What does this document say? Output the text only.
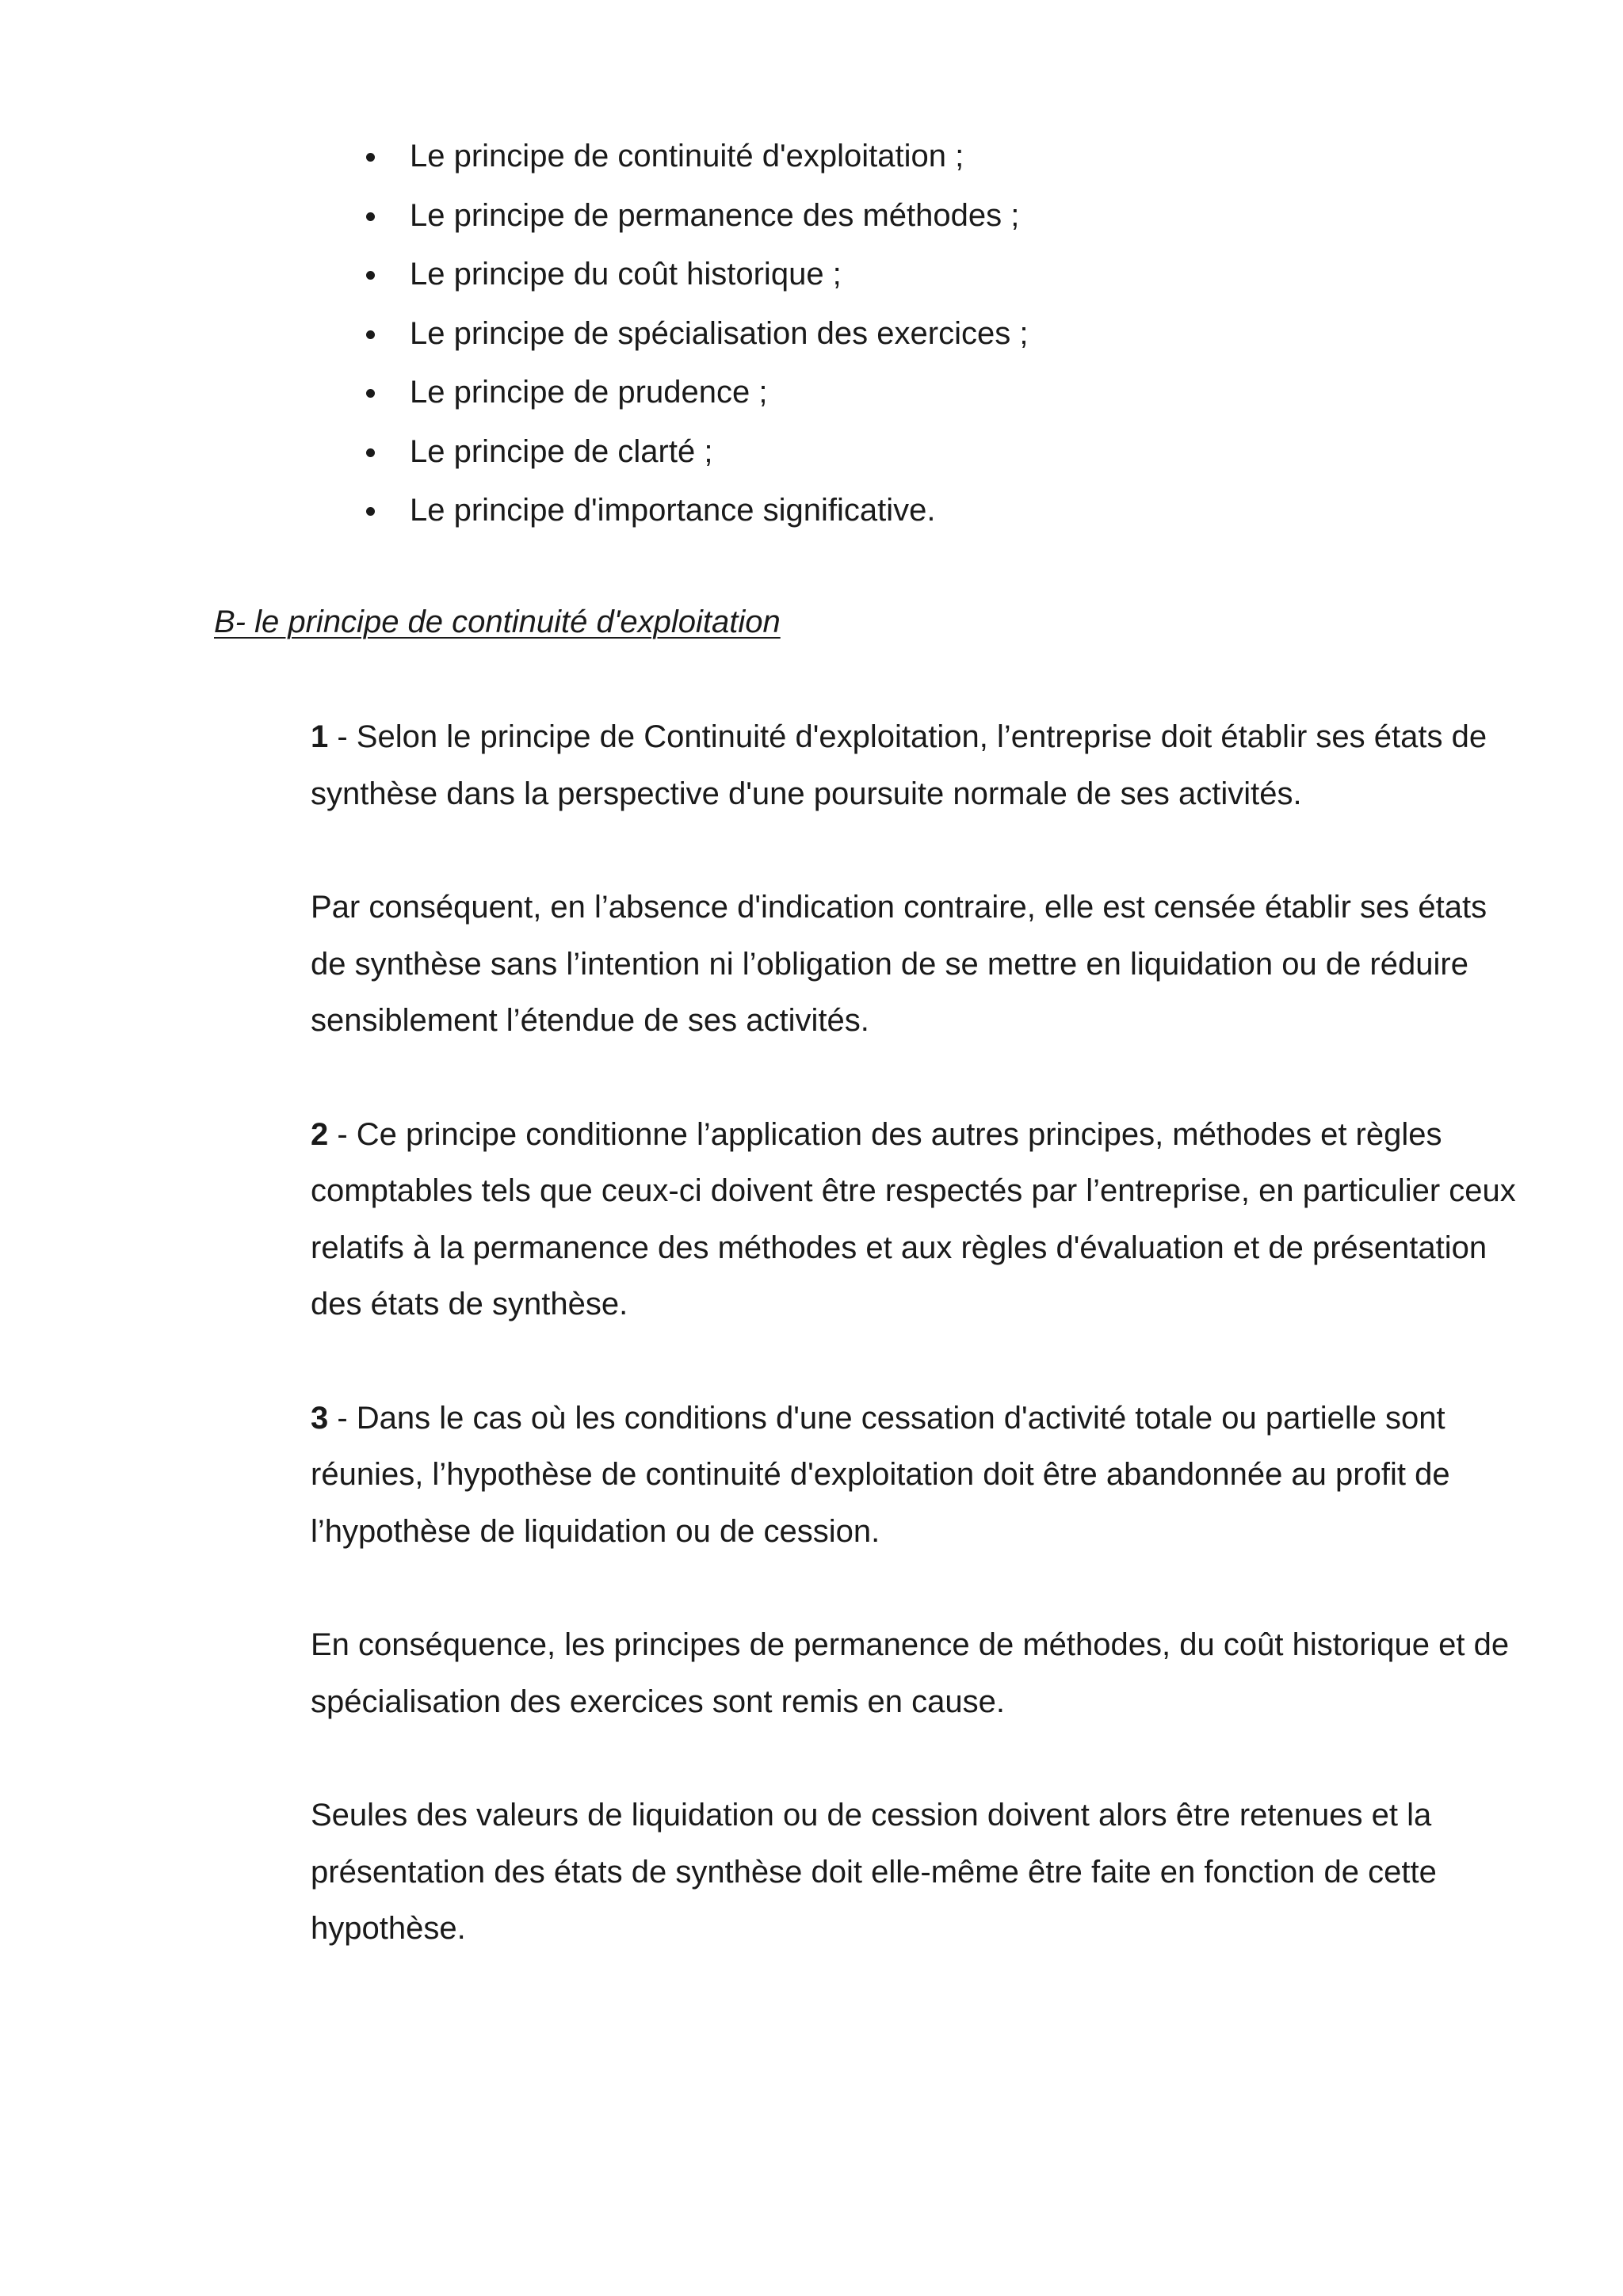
Le principe de continuité d'exploitation ;
Le principe de permanence des méthodes ;
Le principe du coût historique ;
Le principe de spécialisation des exercices ;
Le principe de prudence ;
Le principe de clarté ;
Le principe d'importance significative.
B- le principe de continuité d'exploitation

1 - Selon le principe de Continuité d'exploitation, l’entreprise doit établir ses états de synthèse dans la perspective d'une poursuite normale de ses activités.

Par conséquent, en l’absence d'indication contraire, elle est censée établir ses états de synthèse sans l’intention ni l’obligation de se mettre en liquidation ou de réduire sensiblement l’étendue de ses activités.

2 - Ce principe conditionne l’application des autres principes, méthodes et règles comptables tels que ceux-ci doivent être respectés par l’entreprise, en particulier ceux relatifs à la permanence des méthodes et aux règles d'évaluation et de présentation des états de synthèse.

3 - Dans le cas où les conditions d'une cessation d'activité totale ou partielle sont réunies, l’hypothèse de continuité d'exploitation doit être abandonnée au profit de l’hypothèse de liquidation ou de cession.

En conséquence, les principes de permanence de méthodes, du coût historique et de spécialisation des exercices sont remis en cause.

Seules des valeurs de liquidation ou de cession doivent alors être retenues et la présentation des états de synthèse doit elle-même être faite en fonction de cette hypothèse.
